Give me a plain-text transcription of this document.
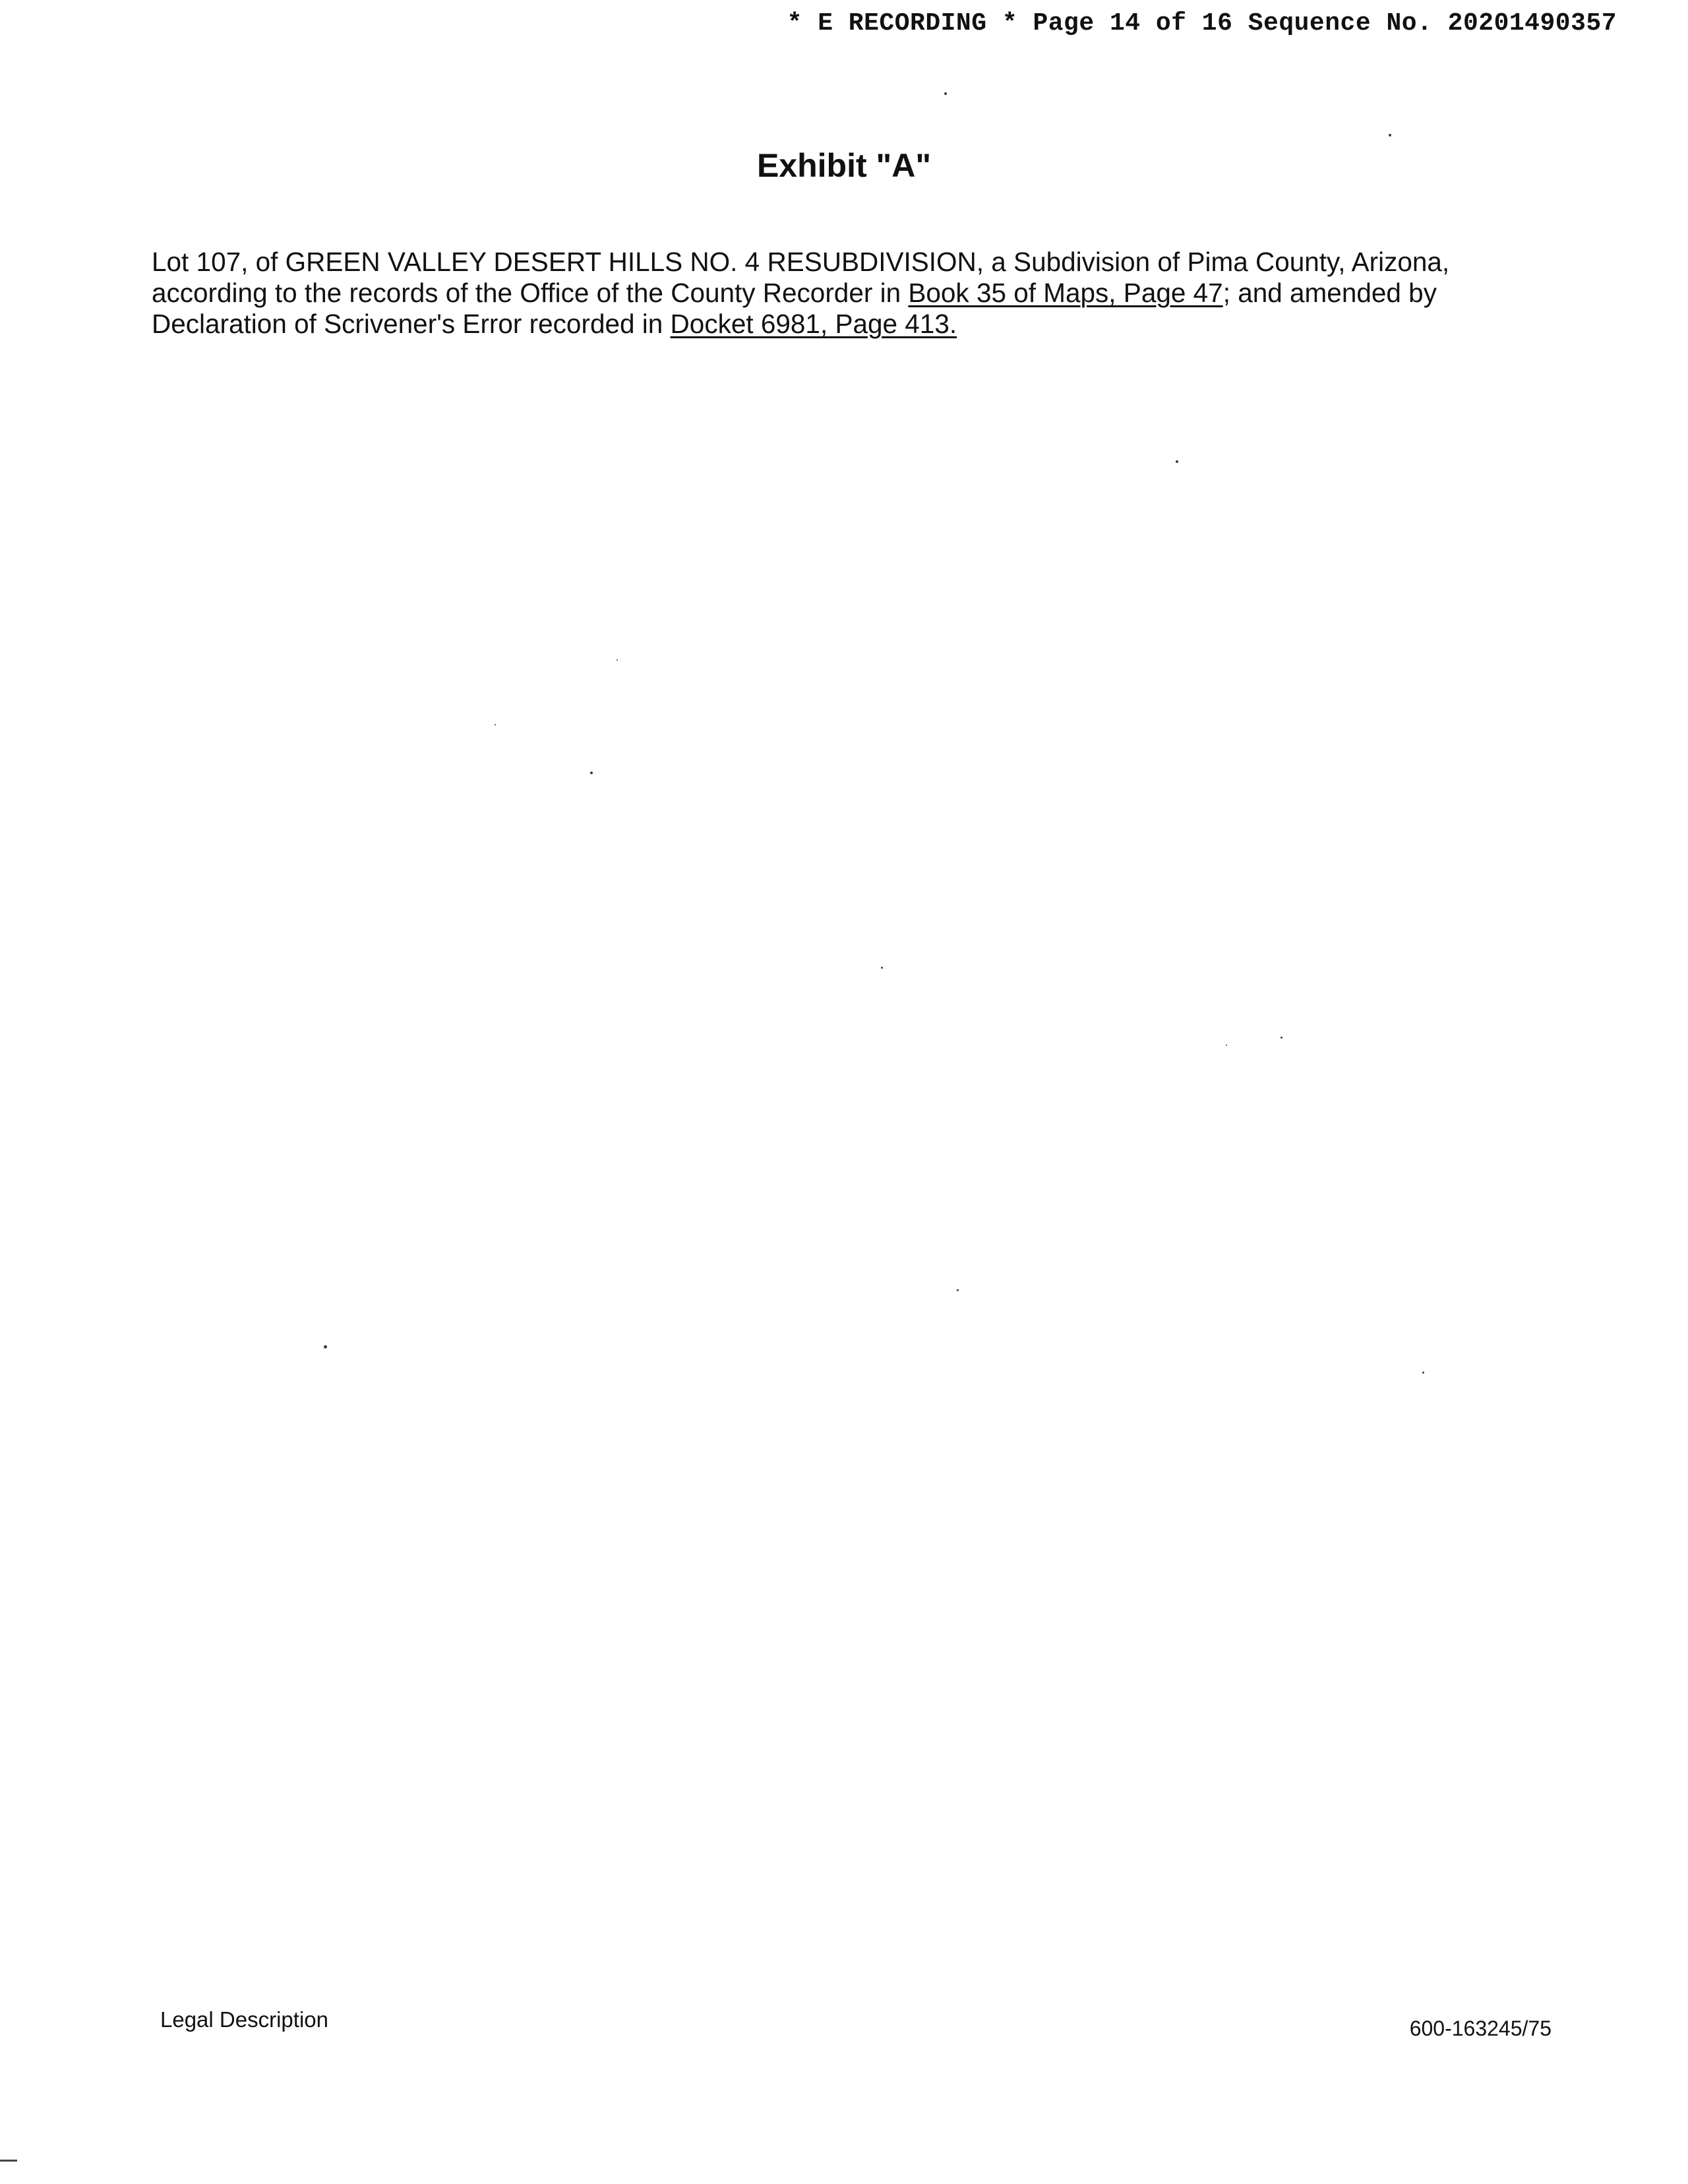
* E RECORDING * Page 14 of 16 Sequence No. 20201490357
Exhibit "A"
Lot 107, of GREEN VALLEY DESERT HILLS NO. 4 RESUBDIVISION, a Subdivision of Pima County, Arizona,
according to the records of the Office of the County Recorder in Book 35 of Maps, Page 47; and amended by
Declaration of Scrivener's Error recorded in Docket 6981, Page 413.
Legal Description	600-163245/75
